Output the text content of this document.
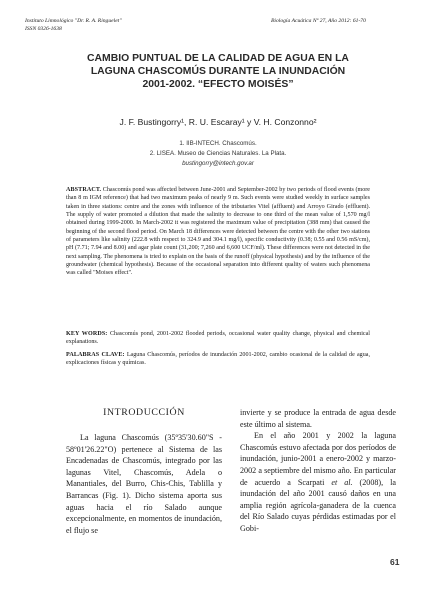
Instituto Limnológico "Dr. R. A. Ringuelet"
ISSN 0326-1638
Biología Acuática Nº 27, Año 2012: 61-70
CAMBIO PUNTUAL DE LA CALIDAD DE AGUA EN LA
LAGUNA CHASCOMÚS DURANTE LA INUNDACIÓN
2001-2002. “EFECTO MOISÉS”
J. F. Bustingorry¹, R. U. Escaray¹ y V. H. Conzonno²
1. IIB-INTECH. Chascomús.
2. LISEA. Museo de Ciencias Naturales. La Plata.
bustingorry@intech.gov.ar

ABSTRACT. Chascomús pond was affected between June-2001 and September-2002 by two periods of flood events (more than 8 m IGM reference) that had two maximum peaks of nearly 9 m. Such events were studied weekly in surface samples taken in three stations: centre and the zones with influence of the tributaries Vitel (affluent) and Arroyo Girado (effluent). The supply of water promoted a dilution that made the salinity to decrease to one third of the mean value of 1,570 mg/l obtained during 1999-2000. In March-2002 it was registered the maximum value of precipitation (388 mm) that caused the beginning of the second flood period. On March 18 differences were detected between the centre with the other two stations of parameters like salinity (222.8 with respect to 324.9 and 304.1 mg/l), specific conductivity (0.38; 0.55 and 0.56 mS/cm), pH (7.71; 7.94 and 8.00) and agar plate count (31,200; 7,260 and 6,600 UCF/ml). These differences were not detected in the next sampling. The phenomena is tried to explain on the basis of the runoff (physical hypothesis) and by the influence of the groundwater (chemical hypothesis). Because of the occasional separation into different quality of waters such phenomena was called "Moises effect".

KEY WORDS: Chascomús pond, 2001-2002 flooded periods, occasional water quality change, physical and chemical explanations.

PALABRAS CLAVE: Laguna Chascomús, períodos de inundación 2001-2002, cambio ocasional de la calidad de agua, explicaciones físicas y químicas.

INTRODUCCIÓN

La laguna Chascomús (35º35'30.60"S - 58º01'26.22"O) pertenece al Sistema de las Encadenadas de Chascomús, integrado por las lagunas Vitel, Chascomús, Adela o Manantiales, del Burro, Chis-Chis, Tablilla y Barrancas (Fig. 1). Dicho sistema aporta sus aguas hacia el río Salado aunque excepcionalmente, en momentos de inundación, el flujo se

invierte y se produce la entrada de agua desde este último al sistema.

En el año 2001 y 2002 la laguna Chascomús estuvo afectada por dos períodos de inundación, junio-2001 a enero-2002 y marzo-2002 a septiembre del mismo año. En particular de acuerdo a Scarpati et al. (2008), la inundación del año 2001 causó daños en una amplia región agrícola-ganadera de la cuenca del Río Salado cuyas pérdidas estimadas por el Gobi-

61
